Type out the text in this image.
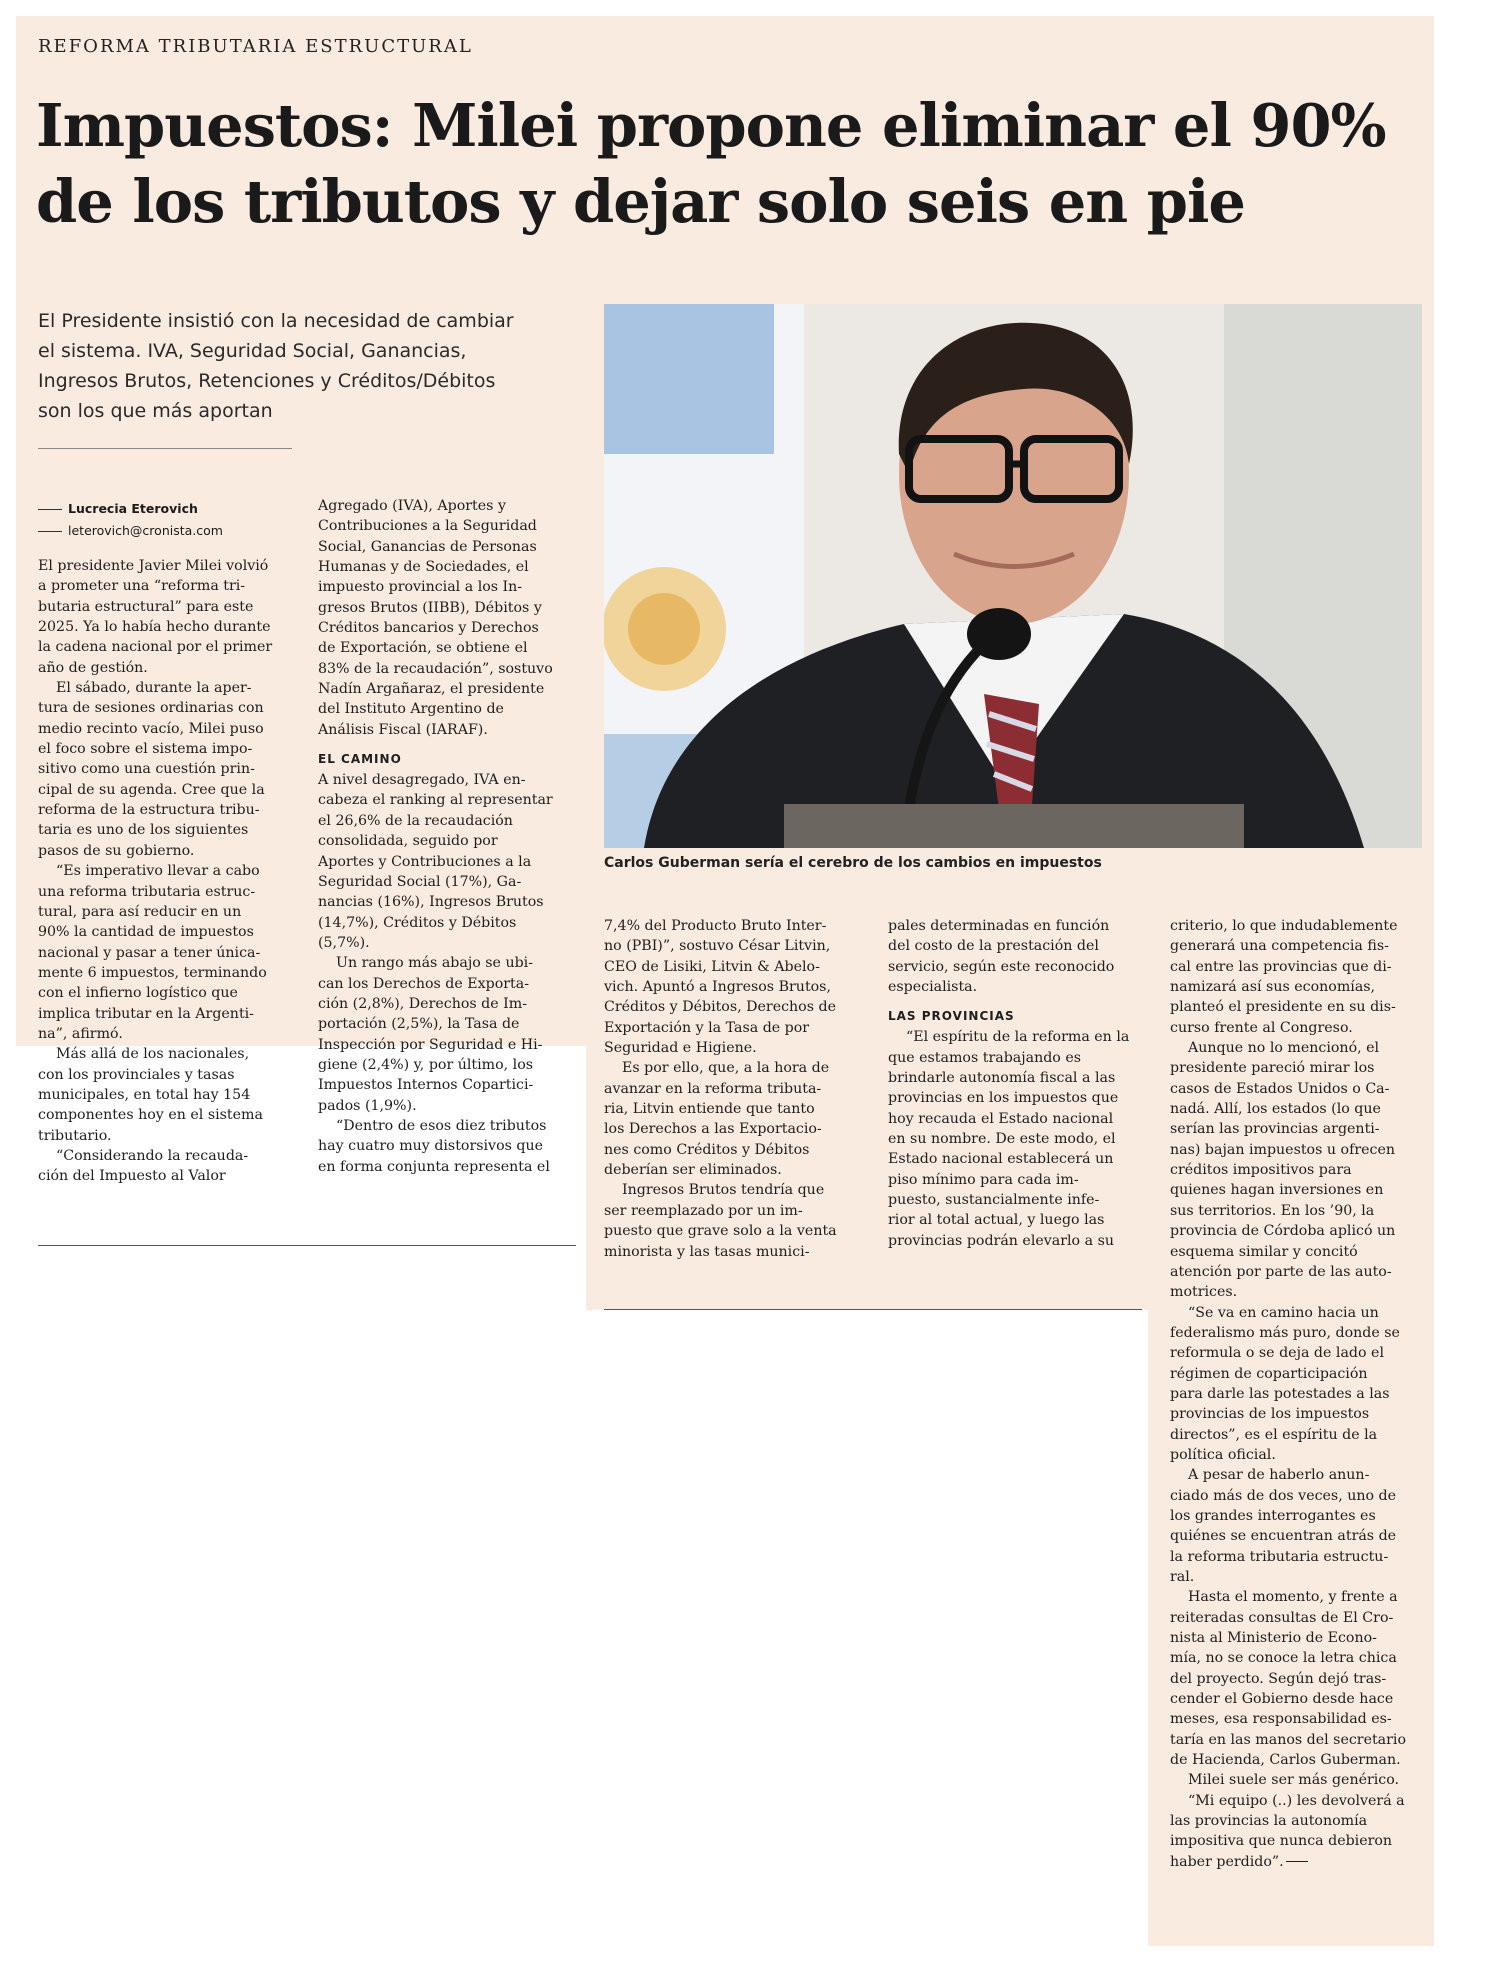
REFORMA TRIBUTARIA ESTRUCTURAL
Impuestos: Milei propone eliminar el 90%
de los tributos y dejar solo seis en pie
El Presidente insistió con la necesidad de cambiar
el sistema. IVA, Seguridad Social, Ganancias,
Ingresos Brutos, Retenciones y Créditos/Débitos
son los que más aportan
Lucrecia Eterovich
leterovich@cronista.com
El presidente Javier Milei volvió
a prometer una “reforma tri-
butaria estructural” para este
2025. Ya lo había hecho durante
la cadena nacional por el primer
año de gestión.
El sábado, durante la aper-
tura de sesiones ordinarias con
medio recinto vacío, Milei puso
el foco sobre el sistema impo-
sitivo como una cuestión prin-
cipal de su agenda. Cree que la
reforma de la estructura tribu-
taria es uno de los siguientes
pasos de su gobierno.
“Es imperativo llevar a cabo
una reforma tributaria estruc-
tural, para así reducir en un
90% la cantidad de impuestos
nacional y pasar a tener única-
mente 6 impuestos, terminando
con el infierno logístico que
implica tributar en la Argenti-
na”, afirmó.
Más allá de los nacionales,
con los provinciales y tasas
municipales, en total hay 154
componentes hoy en el sistema
tributario.
“Considerando la recauda-
ción del Impuesto al Valor
Agregado (IVA), Aportes y
Contribuciones a la Seguridad
Social, Ganancias de Personas
Humanas y de Sociedades, el
impuesto provincial a los In-
gresos Brutos (IIBB), Débitos y
Créditos bancarios y Derechos
de Exportación, se obtiene el
83% de la recaudación”, sostuvo
Nadín Argañaraz, el presidente
del Instituto Argentino de
Análisis Fiscal (IARAF).
EL CAMINO
A nivel desagregado, IVA en-
cabeza el ranking al representar
el 26,6% de la recaudación
consolidada, seguido por
Aportes y Contribuciones a la
Seguridad Social (17%), Ga-
nancias (16%), Ingresos Brutos
(14,7%), Créditos y Débitos
(5,7%).
Un rango más abajo se ubi-
can los Derechos de Exporta-
ción (2,8%), Derechos de Im-
portación (2,5%), la Tasa de
Inspección por Seguridad e Hi-
giene (2,4%) y, por último, los
Impuestos Internos Copartici-
pados (1,9%).
“Dentro de esos diez tributos
hay cuatro muy distorsivos que
en forma conjunta representa el
Carlos Guberman sería el cerebro de los cambios en impuestos
7,4% del Producto Bruto Inter-
no (PBI)”, sostuvo César Litvin,
CEO de Lisiki, Litvin & Abelo-
vich. Apuntó a Ingresos Brutos,
Créditos y Débitos, Derechos de
Exportación y la Tasa de por
Seguridad e Higiene.
Es por ello, que, a la hora de
avanzar en la reforma tributa-
ria, Litvin entiende que tanto
los Derechos a las Exportacio-
nes como Créditos y Débitos
deberían ser eliminados.
Ingresos Brutos tendría que
ser reemplazado por un im-
puesto que grave solo a la venta
minorista y las tasas munici-
pales determinadas en función
del costo de la prestación del
servicio, según este reconocido
especialista.
LAS PROVINCIAS
“El espíritu de la reforma en la
que estamos trabajando es
brindarle autonomía fiscal a las
provincias en los impuestos que
hoy recauda el Estado nacional
en su nombre. De este modo, el
Estado nacional establecerá un
piso mínimo para cada im-
puesto, sustancialmente infe-
rior al total actual, y luego las
provincias podrán elevarlo a su
criterio, lo que indudablemente
generará una competencia fis-
cal entre las provincias que di-
namizará así sus economías,
planteó el presidente en su dis-
curso frente al Congreso.
Aunque no lo mencionó, el
presidente pareció mirar los
casos de Estados Unidos o Ca-
nadá. Allí, los estados (lo que
serían las provincias argenti-
nas) bajan impuestos u ofrecen
créditos impositivos para
quienes hagan inversiones en
sus territorios. En los ’90, la
provincia de Córdoba aplicó un
esquema similar y concitó
atención por parte de las auto-
motrices.
“Se va en camino hacia un
federalismo más puro, donde se
reformula o se deja de lado el
régimen de coparticipación
para darle las potestades a las
provincias de los impuestos
directos”, es el espíritu de la
política oficial.
A pesar de haberlo anun-
ciado más de dos veces, uno de
los grandes interrogantes es
quiénes se encuentran atrás de
la reforma tributaria estructu-
ral.
Hasta el momento, y frente a
reiteradas consultas de El Cro-
nista al Ministerio de Econo-
mía, no se conoce la letra chica
del proyecto. Según dejó tras-
cender el Gobierno desde hace
meses, esa responsabilidad es-
taría en las manos del secretario
de Hacienda, Carlos Guberman.
Milei suele ser más genérico.
“Mi equipo (..) les devolverá a
las provincias la autonomía
impositiva que nunca debieron
haber perdido”.
